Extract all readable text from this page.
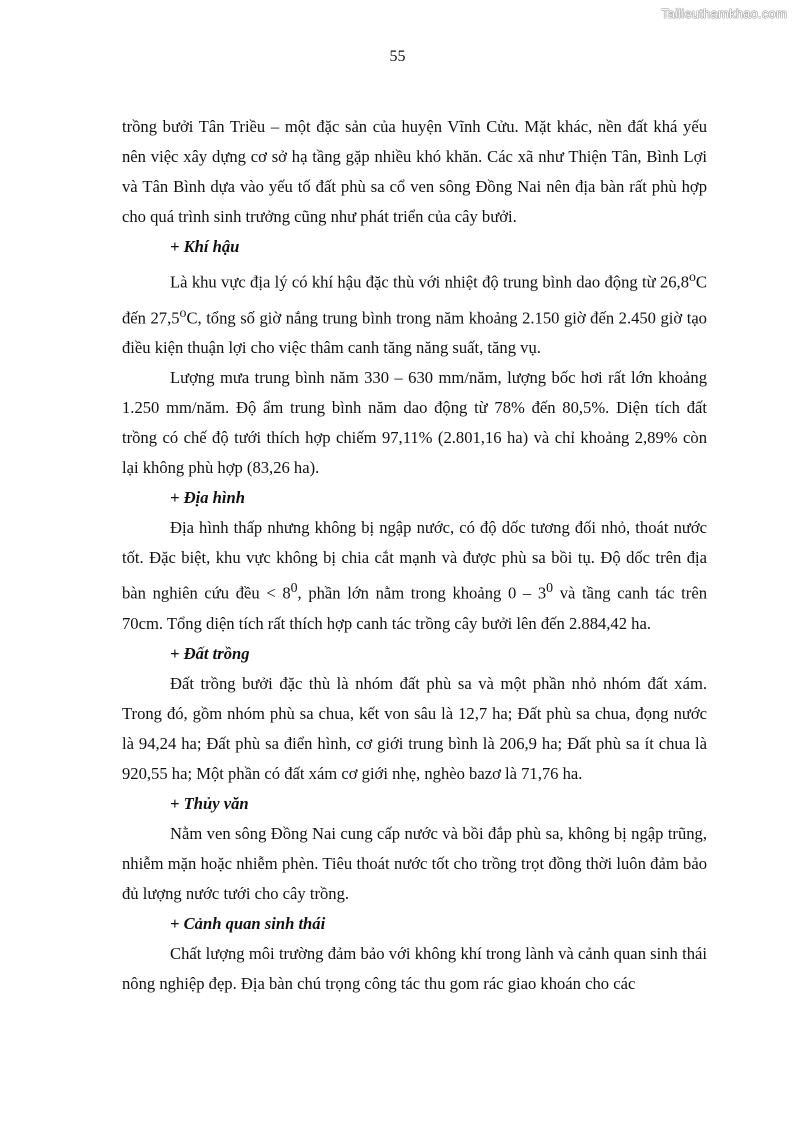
Tailieuthamkhao.com
55

trồng bưởi Tân Triều – một đặc sản của huyện Vĩnh Cửu. Mặt khác, nền đất khá yếu nên việc xây dựng cơ sở hạ tầng gặp nhiều khó khăn. Các xã như Thiện Tân, Bình Lợi và Tân Bình dựa vào yếu tố đất phù sa cổ ven sông Đồng Nai nên địa bàn rất phù hợp cho quá trình sinh trưởng cũng như phát triển của cây bưởi.

+ Khí hậu

Là khu vực địa lý có khí hậu đặc thù với nhiệt độ trung bình dao động từ 26,8$^o$C đến 27,5$^o$C, tổng số giờ nắng trung bình trong năm khoảng 2.150 giờ đến 2.450 giờ tạo điều kiện thuận lợi cho việc thâm canh tăng năng suất, tăng vụ.

Lượng mưa trung bình năm 330 – 630 mm/năm, lượng bốc hơi rất lớn khoảng 1.250 mm/năm. Độ ẩm trung bình năm dao động từ 78% đến 80,5%. Diện tích đất trồng có chế độ tưới thích hợp chiếm 97,11% (2.801,16 ha) và chỉ khoảng 2,89% còn lại không phù hợp (83,26 ha).

+ Địa hình

Địa hình thấp nhưng không bị ngập nước, có độ dốc tương đối nhỏ, thoát nước tốt. Đặc biệt, khu vực không bị chia cắt mạnh và được phù sa bồi tụ. Độ dốc trên địa bàn nghiên cứu đều < $8^0$, phần lớn nằm trong khoảng $0 - 3^0$ và tầng canh tác trên 70cm. Tổng diện tích rất thích hợp canh tác trồng cây bưởi lên đến 2.884,42 ha.

+ Đất trồng

Đất trồng bưởi đặc thù là nhóm đất phù sa và một phần nhỏ nhóm đất xám. Trong đó, gồm nhóm phù sa chua, kết von sâu là 12,7 ha; Đất phù sa chua, đọng nước là 94,24 ha; Đất phù sa điển hình, cơ giới trung bình là 206,9 ha; Đất phù sa ít chua là 920,55 ha; Một phần có đất xám cơ giới nhẹ, nghèo bazơ là 71,76 ha.

+ Thủy văn

Nằm ven sông Đồng Nai cung cấp nước và bồi đắp phù sa, không bị ngập trũng, nhiễm mặn hoặc nhiễm phèn. Tiêu thoát nước tốt cho trồng trọt đồng thời luôn đảm bảo đủ lượng nước tưới cho cây trồng.

+ Cảnh quan sinh thái

Chất lượng môi trường đảm bảo với không khí trong lành và cảnh quan sinh thái nông nghiệp đẹp. Địa bàn chú trọng công tác thu gom rác giao khoán cho các
